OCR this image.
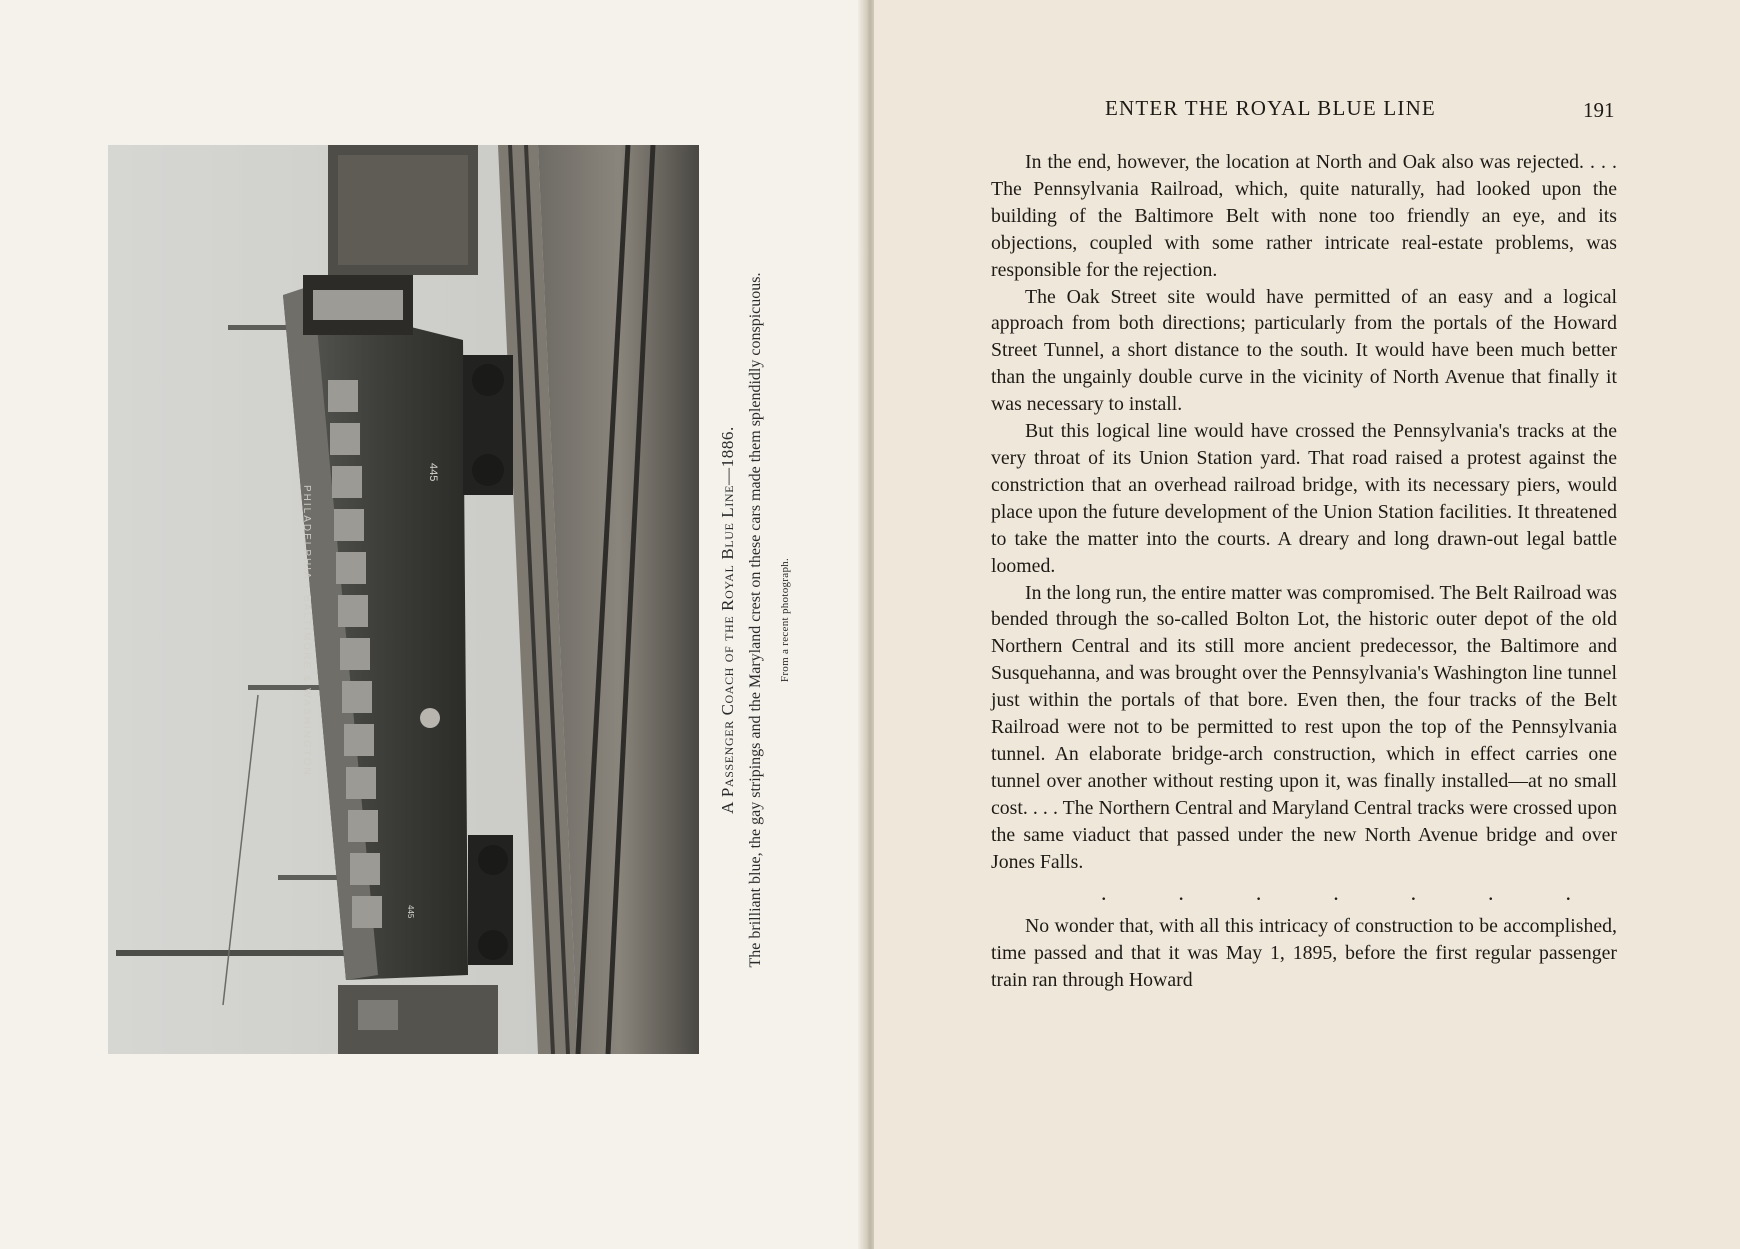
445
445
PHILADELPHIA · BALTIMORE & WASHINGTON	A Passenger Coach of the Royal Blue Line—1886. The brilliant blue, the gay stripings and the Maryland crest on these cars made them splendidly conspicuous.	From a recent photograph.
ENTER THE ROYAL BLUE LINE	191

In the end, however, the location at North and Oak also was rejected. . . . The Pennsylvania Railroad, which, quite naturally, had looked upon the building of the Baltimore Belt with none too friendly an eye, and its objections, coupled with some rather intricate real-estate problems, was responsible for the rejection.

The Oak Street site would have permitted of an easy and a logical approach from both directions; particularly from the portals of the Howard Street Tunnel, a short distance to the south. It would have been much better than the ungainly double curve in the vicinity of North Avenue that finally it was necessary to install.

But this logical line would have crossed the Pennsylvania's tracks at the very throat of its Union Station yard. That road raised a protest against the constriction that an overhead railroad bridge, with its necessary piers, would place upon the future development of the Union Station facilities. It threatened to take the matter into the courts. A dreary and long drawn-out legal battle loomed.

In the long run, the entire matter was compromised. The Belt Railroad was bended through the so-called Bolton Lot, the historic outer depot of the old Northern Central and its still more ancient predecessor, the Baltimore and Susquehanna, and was brought over the Pennsylvania's Washington line tunnel just within the portals of that bore. Even then, the four tracks of the Belt Railroad were not to be permitted to rest upon the top of the Pennsylvania tunnel. An elaborate bridge-arch construction, which in effect carries one tunnel over another without resting upon it, was finally installed—at no small cost. . . . The Northern Central and Maryland Central tracks were crossed upon the same viaduct that passed under the new North Avenue bridge and over Jones Falls.

.	.	.	.	.	.	.

No wonder that, with all this intricacy of construction to be accomplished, time passed and that it was May 1, 1895, before the first regular passenger train ran through Howard
